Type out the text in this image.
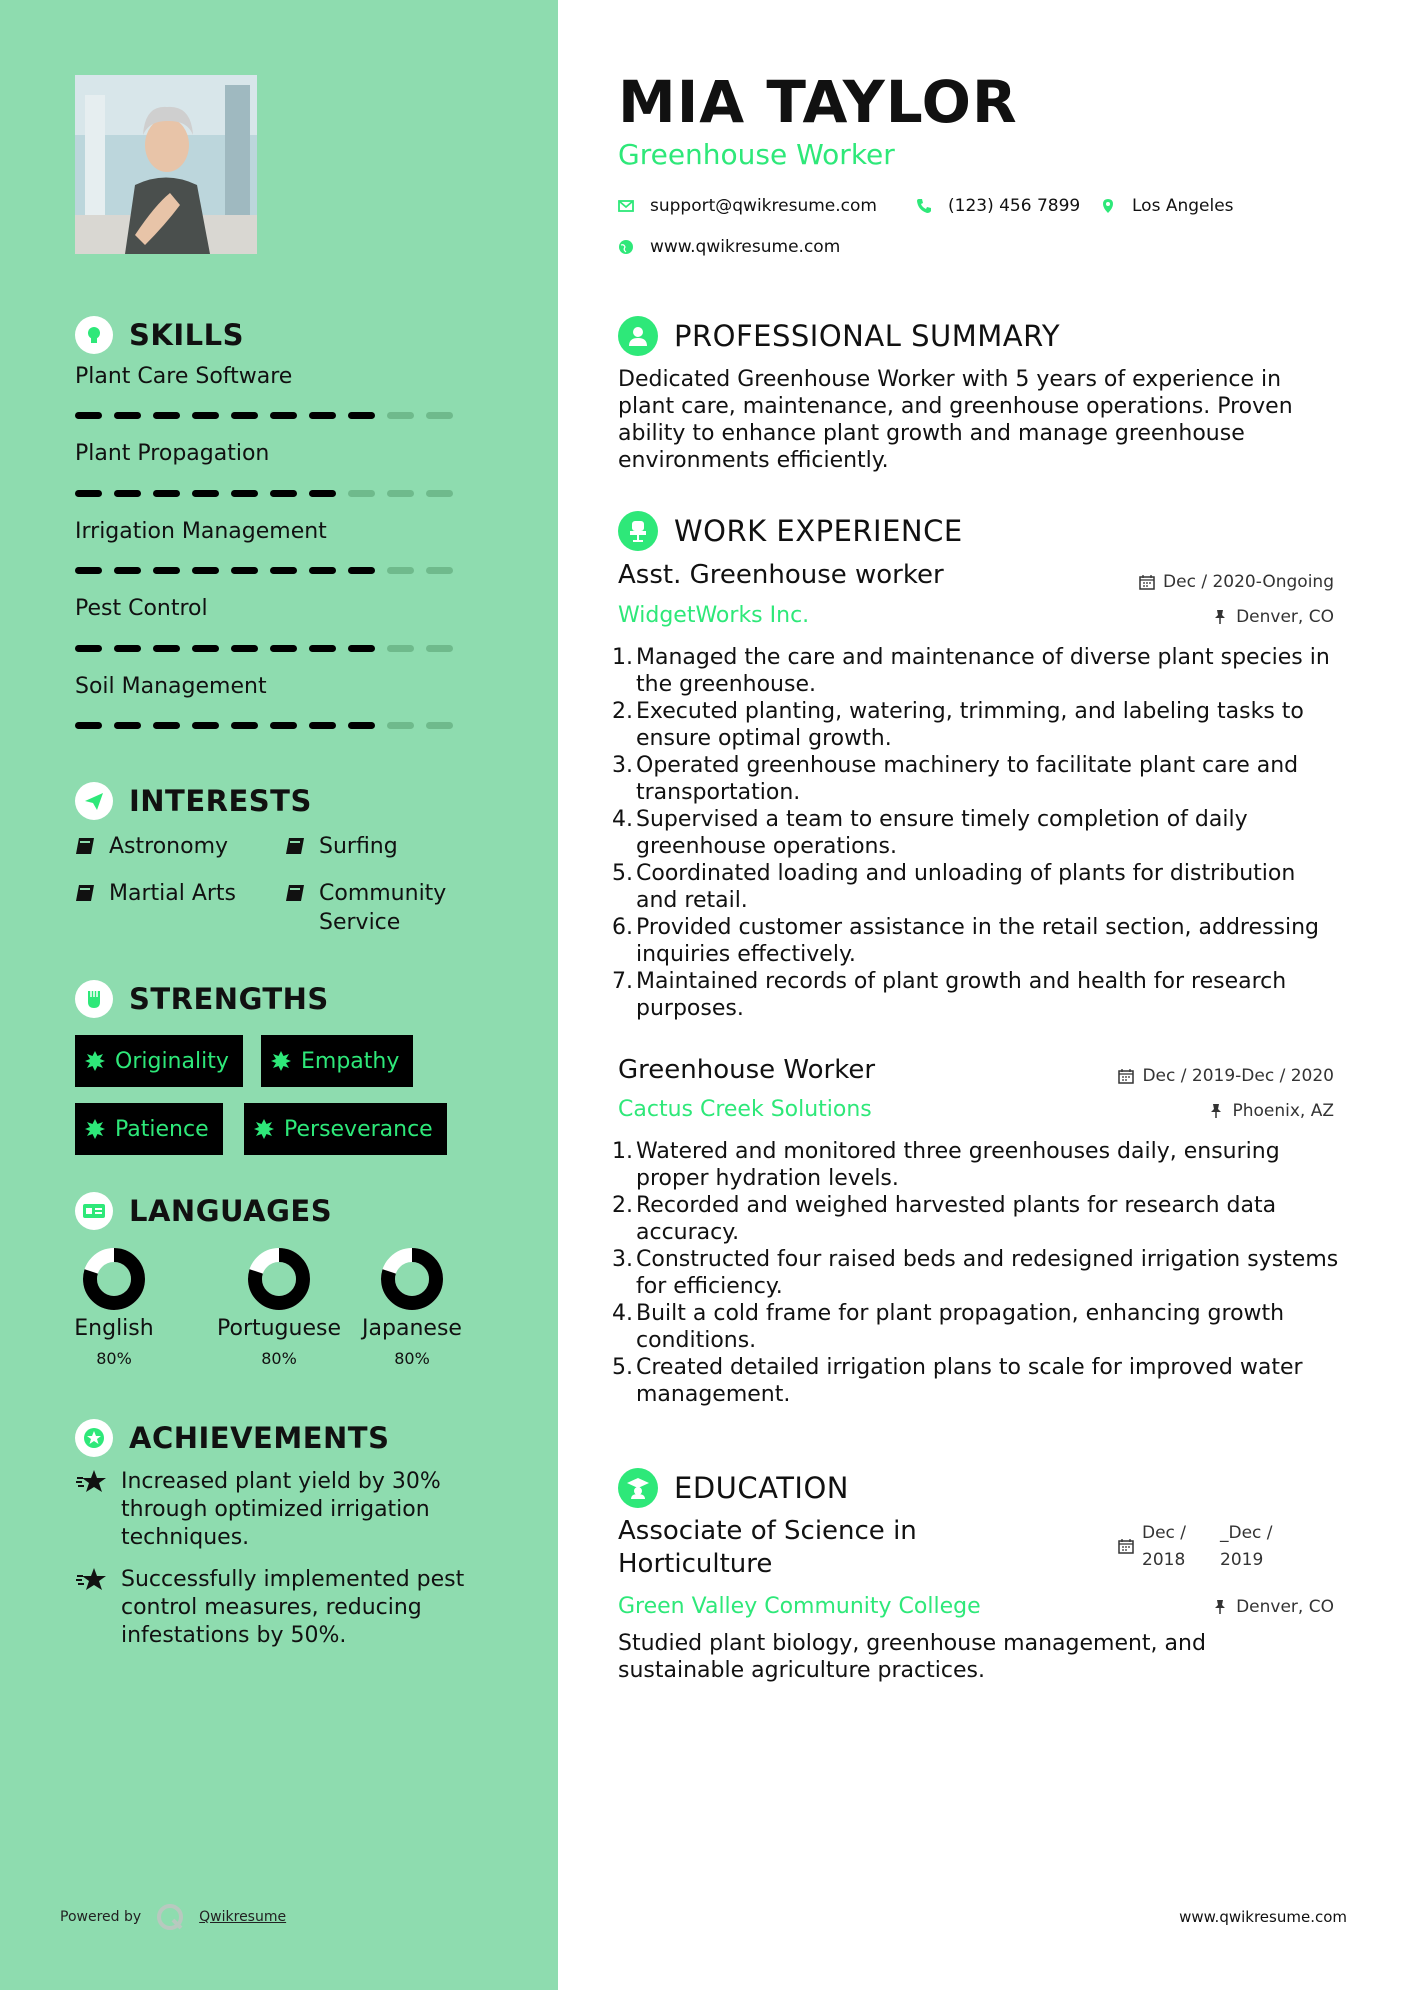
SKILLS
Plant Care Software
Plant Propagation
Irrigation Management
Pest Control
Soil Management
INTERESTS
Astronomy	Surfing
Martial Arts	Community Service
STRENGTHS
Originality	Empathy
Patience	Perseverance
LANGUAGES
English
80%
Portuguese
80%
Japanese
80%
ACHIEVEMENTS
Increased plant yield by 30% through optimized irrigation techniques.
Successfully implemented pest control measures, reducing infestations by 50%.
Powered by	Qwikresume
MIA TAYLOR
Greenhouse Worker
support@qwikresume.com	(123) 456 7899	Los Angeles
www.qwikresume.com
PROFESSIONAL SUMMARY
Dedicated Greenhouse Worker with 5 years of experience in plant care, maintenance, and greenhouse operations. Proven ability to enhance plant growth and manage greenhouse environments efficiently.
WORK EXPERIENCE
Asst. Greenhouse worker	Dec / 2020-Ongoing
WidgetWorks Inc.	Denver, CO
Managed the care and maintenance of diverse plant species in the greenhouse.
Executed planting, watering, trimming, and labeling tasks to ensure optimal growth.
Operated greenhouse machinery to facilitate plant care and transportation.
Supervised a team to ensure timely completion of daily greenhouse operations.
Coordinated loading and unloading of plants for distribution and retail.
Provided customer assistance in the retail section, addressing inquiries effectively.
Maintained records of plant growth and health for research purposes.
Greenhouse Worker	Dec / 2019-Dec / 2020
Cactus Creek Solutions	Phoenix, AZ
Watered and monitored three greenhouses daily, ensuring proper hydration levels.
Recorded and weighed harvested plants for research data accuracy.
Constructed four raised beds and redesigned irrigation systems for efficiency.
Built a cold frame for plant propagation, enhancing growth conditions.
Created detailed irrigation plans to scale for improved water management.
EDUCATION
Associate of Science in Horticulture
Dec / 2018
_Dec / 2019
Green Valley Community College	Denver, CO
Studied plant biology, greenhouse management, and sustainable agriculture practices.
www.qwikresume.com
